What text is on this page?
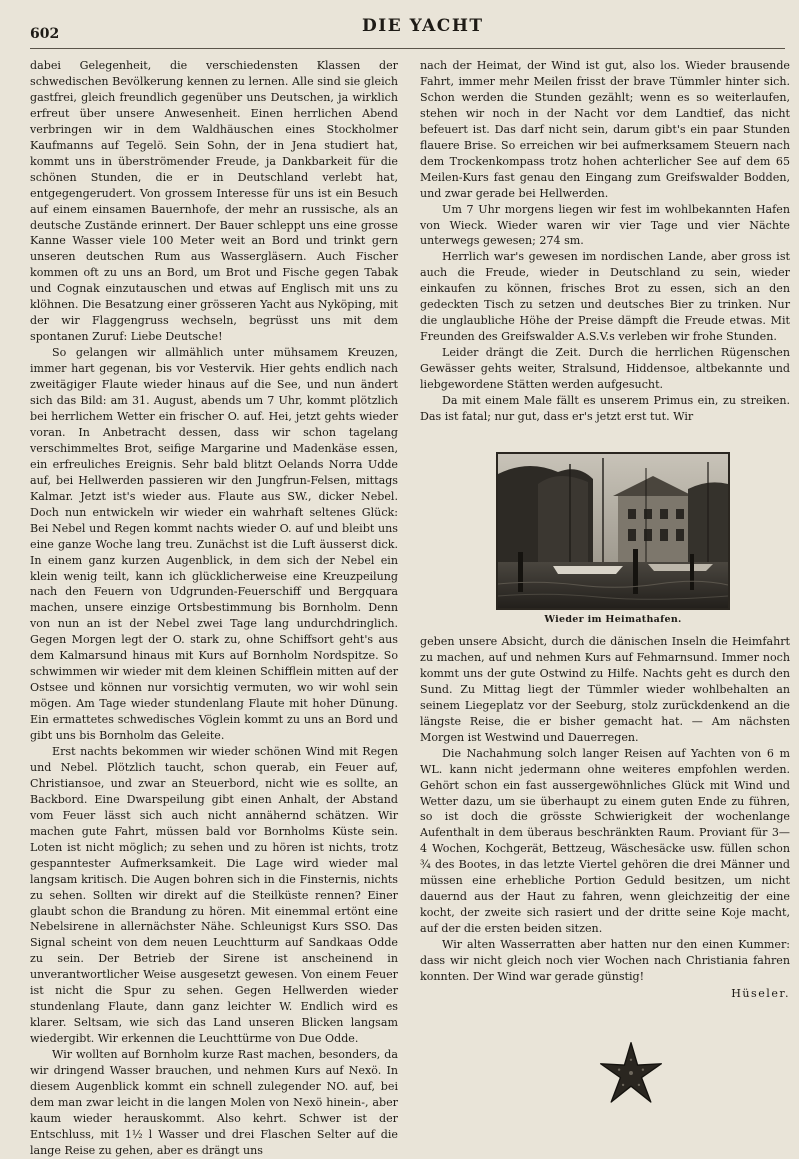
602	DIE YACHT

dabei Gelegenheit, die verschiedensten Klassen der schwedischen Bevölkerung kennen zu lernen. Alle sind sie gleich gastfrei, gleich freundlich gegenüber uns Deutschen, ja wirklich erfreut über unsere Anwesenheit. Einen herrlichen Abend verbringen wir in dem Waldhäuschen eines Stockholmer Kaufmanns auf Tegelö. Sein Sohn, der in Jena studiert hat, kommt uns in überströmender Freude, ja Dankbarkeit für die schönen Stunden, die er in Deutschland verlebt hat, entgegengerudert. Von grossem Interesse für uns ist ein Besuch auf einem einsamen Bauernhofe, der mehr an russische, als an deutsche Zustände erinnert. Der Bauer schleppt uns eine grosse Kanne Wasser viele 100 Meter weit an Bord und trinkt gern unseren deutschen Rum aus Wassergläsern. Auch Fischer kommen oft zu uns an Bord, um Brot und Fische gegen Tabak und Cognak einzutauschen und etwas auf Englisch mit uns zu klöhnen. Die Besatzung einer grösseren Yacht aus Nyköping, mit der wir Flaggengruss wechseln, begrüsst uns mit dem spontanen Zuruf: Liebe Deutsche!

So gelangen wir allmählich unter mühsamem Kreuzen, immer hart gegenan, bis vor Vestervik. Hier gehts endlich nach zweitägiger Flaute wieder hinaus auf die See, und nun ändert sich das Bild: am 31. August, abends um 7 Uhr, kommt plötzlich bei herrlichem Wetter ein frischer O. auf. Hei, jetzt gehts wieder voran. In Anbetracht dessen, dass wir schon tagelang verschimmeltes Brot, seifige Margarine und Madenkäse essen, ein erfreuliches Ereignis. Sehr bald blitzt Oelands Norra Udde auf, bei Hellwerden passieren wir den Jungfrun-Felsen, mittags Kalmar. Jetzt ist's wieder aus. Flaute aus SW., dicker Nebel. Doch nun entwickeln wir wieder ein wahrhaft seltenes Glück: Bei Nebel und Regen kommt nachts wieder O. auf und bleibt uns eine ganze Woche lang treu. Zunächst ist die Luft äusserst dick. In einem ganz kurzen Augenblick, in dem sich der Nebel ein klein wenig teilt, kann ich glücklicherweise eine Kreuzpeilung nach den Feuern von Udgrunden-Feuerschiff und Bergquara machen, unsere einzige Ortsbestimmung bis Bornholm. Denn von nun an ist der Nebel zwei Tage lang undurchdringlich. Gegen Morgen legt der O. stark zu, ohne Schiffsort geht's aus dem Kalmarsund hinaus mit Kurs auf Bornholm Nordspitze. So schwimmen wir wieder mit dem kleinen Schifflein mitten auf der Ostsee und können nur vorsichtig vermuten, wo wir wohl sein mögen. Am Tage wieder stundenlang Flaute mit hoher Dünung. Ein ermattetes schwedisches Vöglein kommt zu uns an Bord und gibt uns bis Bornholm das Geleite.

Erst nachts bekommen wir wieder schönen Wind mit Regen und Nebel. Plötzlich taucht, schon querab, ein Feuer auf, Christiansoe, und zwar an Steuerbord, nicht wie es sollte, an Backbord. Eine Dwarspeilung gibt einen Anhalt, der Abstand vom Feuer lässt sich auch nicht annähernd schätzen. Wir machen gute Fahrt, müssen bald vor Bornholms Küste sein. Loten ist nicht möglich; zu sehen und zu hören ist nichts, trotz gespanntester Aufmerksamkeit. Die Lage wird wieder mal langsam kritisch. Die Augen bohren sich in die Finsternis, nichts zu sehen. Sollten wir direkt auf die Steilküste rennen? Einer glaubt schon die Brandung zu hören. Mit einemmal ertönt eine Nebelsirene in allernächster Nähe. Schleunigst Kurs SSO. Das Signal scheint von dem neuen Leuchtturm auf Sandkaas Odde zu sein. Der Betrieb der Sirene ist anscheinend in unverantwortlicher Weise ausgesetzt gewesen. Von einem Feuer ist nicht die Spur zu sehen. Gegen Hellwerden wieder stundenlang Flaute, dann ganz leichter W. Endlich wird es klarer. Seltsam, wie sich das Land unseren Blicken langsam wiedergibt. Wir erkennen die Leuchttürme von Due Odde.

Wir wollten auf Bornholm kurze Rast machen, besonders, da wir dringend Wasser brauchen, und nehmen Kurs auf Nexö. In diesem Augenblick kommt ein schnell zulegender NO. auf, bei dem man zwar leicht in die langen Molen von Nexö hinein-, aber kaum wieder herauskommt. Also kehrt. Schwer ist der Entschluss, mit 1½ l Wasser und drei Flaschen Selter auf die lange Reise zu gehen, aber es drängt uns

nach der Heimat, der Wind ist gut, also los. Wieder brausende Fahrt, immer mehr Meilen frisst der brave Tümmler hinter sich. Schon werden die Stunden gezählt; wenn es so weiterlaufen, stehen wir noch in der Nacht vor dem Landtief, das nicht befeuert ist. Das darf nicht sein, darum gibt's ein paar Stunden flauere Brise. So erreichen wir bei aufmerksamem Steuern nach dem Trockenkompass trotz hohen achterlicher See auf dem 65 Meilen-Kurs fast genau den Eingang zum Greifswalder Bodden, und zwar gerade bei Hellwerden.

Um 7 Uhr morgens liegen wir fest im wohlbekannten Hafen von Wieck. Wieder waren wir vier Tage und vier Nächte unterwegs gewesen; 274 sm.

Herrlich war's gewesen im nordischen Lande, aber gross ist auch die Freude, wieder in Deutschland zu sein, wieder einkaufen zu können, frisches Brot zu essen, sich an den gedeckten Tisch zu setzen und deutsches Bier zu trinken. Nur die unglaubliche Höhe der Preise dämpft die Freude etwas. Mit Freunden des Greifswalder A.S.V.s verleben wir frohe Stunden.

Leider drängt die Zeit. Durch die herrlichen Rügenschen Gewässer gehts weiter, Stralsund, Hiddensoe, altbekannte und liebgewordene Stätten werden aufgesucht.

Da mit einem Male fällt es unserem Primus ein, zu streiken. Das ist fatal; nur gut, dass er's jetzt erst tut. Wir

Wieder im Heimathafen.

geben unsere Absicht, durch die dänischen Inseln die Heimfahrt zu machen, auf und nehmen Kurs auf Fehmarnsund. Immer noch kommt uns der gute Ostwind zu Hilfe. Nachts geht es durch den Sund. Zu Mittag liegt der Tümmler wieder wohlbehalten an seinem Liegeplatz vor der Seeburg, stolz zurückdenkend an die längste Reise, die er bisher gemacht hat. — Am nächsten Morgen ist Westwind und Dauerregen.

Die Nachahmung solch langer Reisen auf Yachten von 6 m WL. kann nicht jedermann ohne weiteres empfohlen werden. Gehört schon ein fast aussergewöhnliches Glück mit Wind und Wetter dazu, um sie überhaupt zu einem guten Ende zu führen, so ist doch die grösste Schwierigkeit der wochenlange Aufenthalt in dem überaus beschränkten Raum. Proviant für 3—4 Wochen, Kochgerät, Bettzeug, Wäschesäcke usw. füllen schon ¾ des Bootes, in das letzte Viertel gehören die drei Männer und müssen eine erhebliche Portion Geduld besitzen, um nicht dauernd aus der Haut zu fahren, wenn gleichzeitig der eine kocht, der zweite sich rasiert und der dritte seine Koje macht, auf der die ersten beiden sitzen.

Wir alten Wasserratten aber hatten nur den einen Kummer: dass wir nicht gleich noch vier Wochen nach Christiania fahren konnten. Der Wind war gerade günstig!

Hüseler.
